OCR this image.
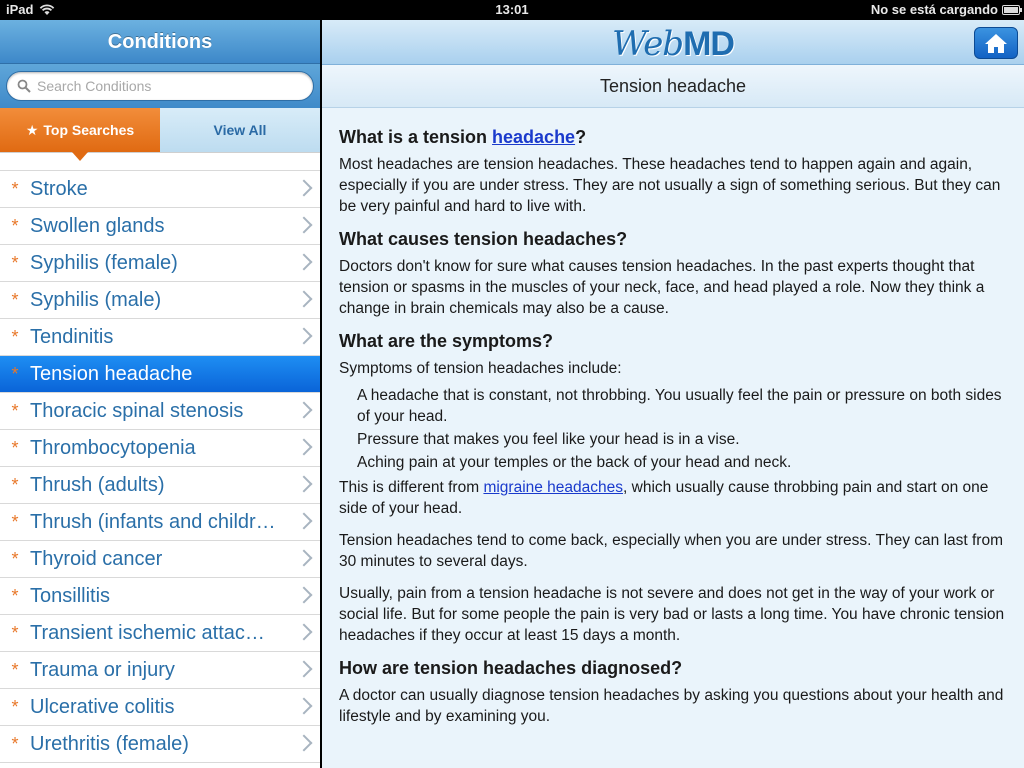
iPad	13:01	No se está cargando
Conditions
Search Conditions
★ Top Searches	View All
* Stroke
* Swollen glands
* Syphilis (female)
* Syphilis (male)
* Tendinitis
* Tension headache
* Thoracic spinal stenosis
* Thrombocytopenia
* Thrush (adults)
* Thrush (infants and childr…
* Thyroid cancer
* Tonsillitis
* Transient ischemic attac…
* Trauma or injury
* Ulcerative colitis
* Urethritis (female)
WebMD
Tension headache
What is a tension headache?

Most headaches are tension headaches. These headaches tend to happen again and again, especially if you are under stress. They are not usually a sign of something serious. But they can be very painful and hard to live with.

What causes tension headaches?

Doctors don't know for sure what causes tension headaches. In the past experts thought that tension or spasms in the muscles of your neck, face, and head played a role. Now they think a change in brain chemicals may also be a cause.

What are the symptoms?

Symptoms of tension headaches include:

A headache that is constant, not throbbing. You usually feel the pain or pressure on both sides of your head.
Pressure that makes you feel like your head is in a vise.
Aching pain at your temples or the back of your head and neck.

This is different from migraine headaches, which usually cause throbbing pain and start on one side of your head.

Tension headaches tend to come back, especially when you are under stress. They can last from 30 minutes to several days.

Usually, pain from a tension headache is not severe and does not get in the way of your work or social life. But for some people the pain is very bad or lasts a long time. You have chronic tension headaches if they occur at least 15 days a month.

How are tension headaches diagnosed?

A doctor can usually diagnose tension headaches by asking you questions about your health and lifestyle and by examining you.
